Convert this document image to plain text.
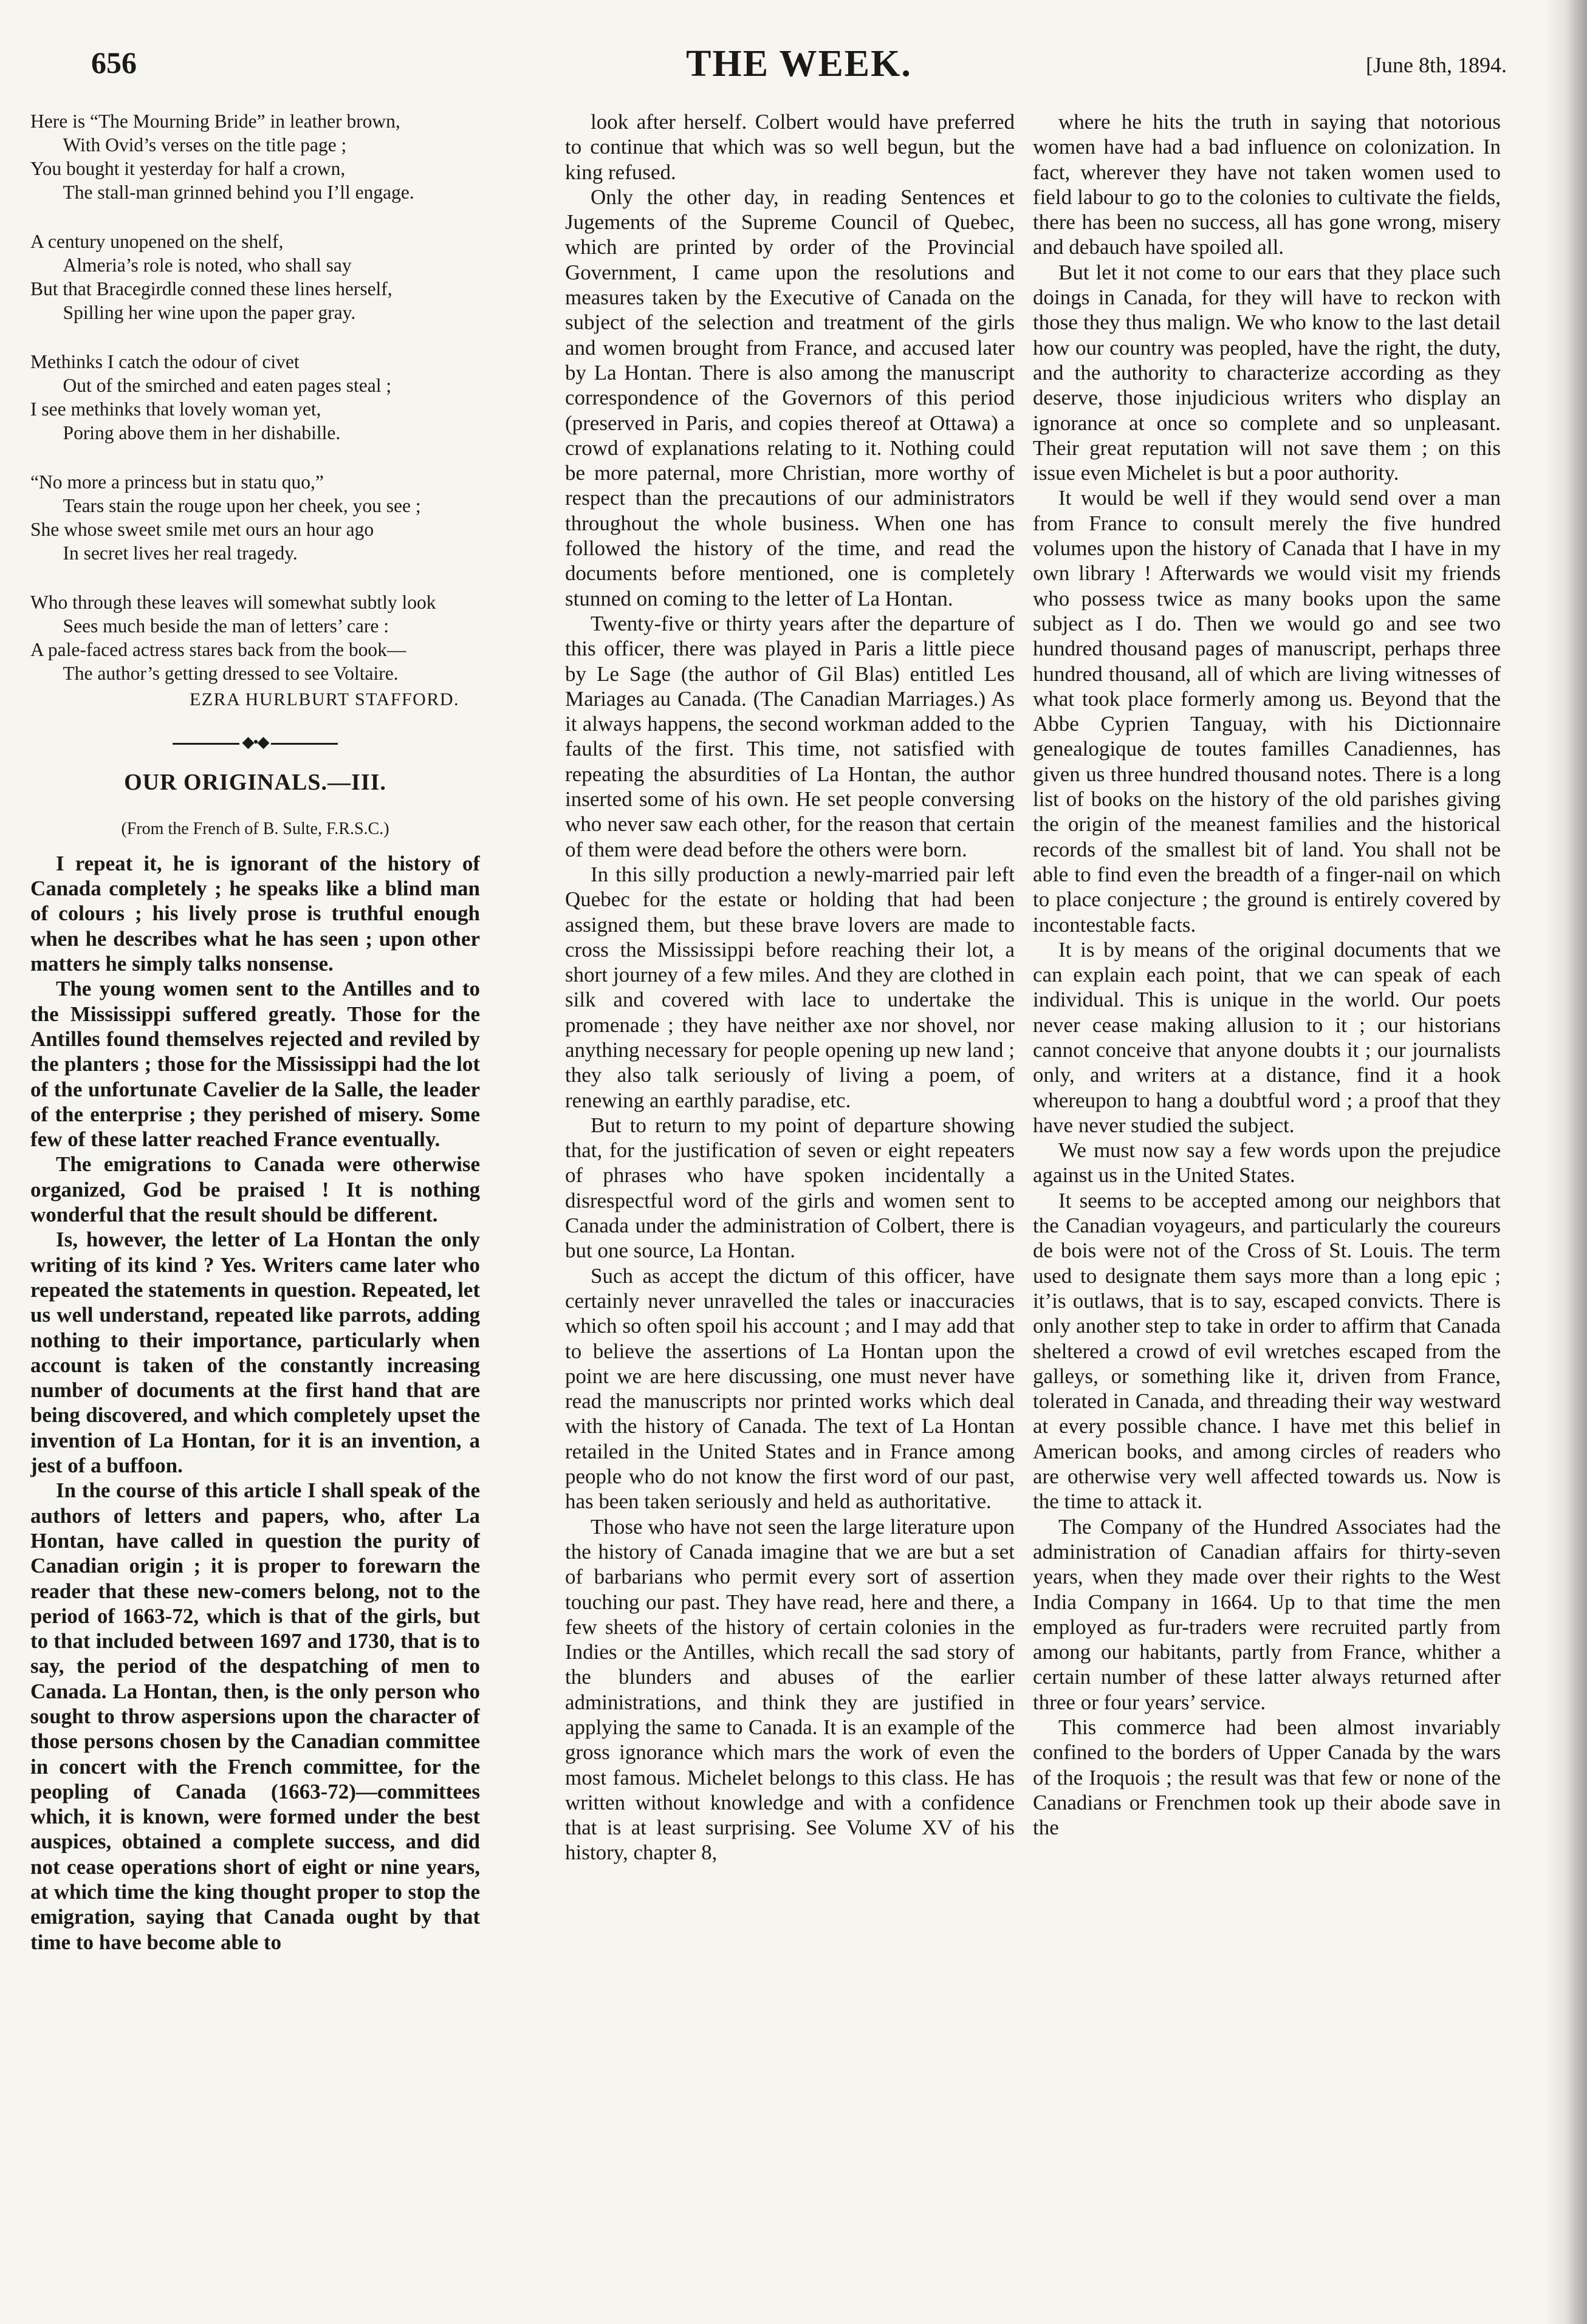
656	THE WEEK.	[June 8th, 1894.
Here is “The Mourning Bride” in leather brown,
With Ovid’s verses on the title page ;
You bought it yesterday for half a crown,
The stall-man grinned behind you I’ll engage.
A century unopened on the shelf,
Almeria’s role is noted, who shall say
But that Bracegirdle conned these lines herself,
Spilling her wine upon the paper gray.
Methinks I catch the odour of civet
Out of the smirched and eaten pages steal ;
I see methinks that lovely woman yet,
Poring above them in her dishabille.
“No more a princess but in statu quo,”
Tears stain the rouge upon her cheek, you see ;
She whose sweet smile met ours an hour ago
In secret lives her real tragedy.
Who through these leaves will somewhat subtly look
Sees much beside the man of letters’ care :
A pale-faced actress stares back from the book—
The author’s getting dressed to see Voltaire.
EZRA HURLBURT STAFFORD.
◆•◆
OUR ORIGINALS.—III.
(From the French of B. Sulte, F.R.S.C.)

I repeat it, he is ignorant of the history of Canada completely ; he speaks like a blind man of colours ; his lively prose is truthful enough when he describes what he has seen ; upon other matters he simply talks nonsense.

The young women sent to the Antilles and to the Mississippi suffered greatly. Those for the Antilles found themselves rejected and reviled by the planters ; those for the Mississippi had the lot of the unfortunate Cavelier de la Salle, the leader of the enterprise ; they perished of misery. Some few of these latter reached France eventually.

The emigrations to Canada were otherwise organized, God be praised ! It is nothing wonderful that the result should be different.

Is, however, the letter of La Hontan the only writing of its kind ? Yes. Writers came later who repeated the statements in question. Repeated, let us well understand, repeated like parrots, adding nothing to their importance, particularly when account is taken of the constantly increasing number of documents at the first hand that are being discovered, and which completely upset the invention of La Hontan, for it is an invention, a jest of a buffoon.

In the course of this article I shall speak of the authors of letters and papers, who, after La Hontan, have called in question the purity of Canadian origin ; it is proper to forewarn the reader that these new-comers belong, not to the period of 1663-72, which is that of the girls, but to that included between 1697 and 1730, that is to say, the period of the despatching of men to Canada. La Hontan, then, is the only person who sought to throw aspersions upon the character of those persons chosen by the Canadian committee in concert with the French committee, for the peopling of Canada (1663-72)—committees which, it is known, were formed under the best auspices, obtained a complete success, and did not cease operations short of eight or nine years, at which time the king thought proper to stop the emigration, saying that Canada ought by that time to have become able to

look after herself. Colbert would have preferred to continue that which was so well begun, but the king refused.

Only the other day, in reading Sentences et Jugements of the Supreme Council of Quebec, which are printed by order of the Provincial Government, I came upon the resolutions and measures taken by the Executive of Canada on the subject of the selection and treatment of the girls and women brought from France, and accused later by La Hontan. There is also among the manuscript correspondence of the Governors of this period (preserved in Paris, and copies thereof at Ottawa) a crowd of explanations relating to it. Nothing could be more paternal, more Christian, more worthy of respect than the precautions of our administrators throughout the whole business. When one has followed the history of the time, and read the documents before mentioned, one is completely stunned on coming to the letter of La Hontan.

Twenty-five or thirty years after the departure of this officer, there was played in Paris a little piece by Le Sage (the author of Gil Blas) entitled Les Mariages au Canada. (The Canadian Marriages.) As it always happens, the second workman added to the faults of the first. This time, not satisfied with repeating the absurdities of La Hontan, the author inserted some of his own. He set people conversing who never saw each other, for the reason that certain of them were dead before the others were born.

In this silly production a newly-married pair left Quebec for the estate or holding that had been assigned them, but these brave lovers are made to cross the Mississippi before reaching their lot, a short journey of a few miles. And they are clothed in silk and covered with lace to undertake the promenade ; they have neither axe nor shovel, nor anything necessary for people opening up new land ; they also talk seriously of living a poem, of renewing an earthly paradise, etc.

But to return to my point of departure showing that, for the justification of seven or eight repeaters of phrases who have spoken incidentally a disrespectful word of the girls and women sent to Canada under the administration of Colbert, there is but one source, La Hontan.

Such as accept the dictum of this officer, have certainly never unravelled the tales or inaccuracies which so often spoil his account ; and I may add that to believe the assertions of La Hontan upon the point we are here discussing, one must never have read the manuscripts nor printed works which deal with the history of Canada. The text of La Hontan retailed in the United States and in France among people who do not know the first word of our past, has been taken seriously and held as authoritative.

Those who have not seen the large literature upon the history of Canada imagine that we are but a set of barbarians who permit every sort of assertion touching our past. They have read, here and there, a few sheets of the history of certain colonies in the Indies or the Antilles, which recall the sad story of the blunders and abuses of the earlier administrations, and think they are justified in applying the same to Canada. It is an example of the gross ignorance which mars the work of even the most famous. Michelet belongs to this class. He has written without knowledge and with a confidence that is at least surprising. See Volume XV of his history, chapter 8,

where he hits the truth in saying that notorious women have had a bad influence on colonization. In fact, wherever they have not taken women used to field labour to go to the colonies to cultivate the fields, there has been no success, all has gone wrong, misery and debauch have spoiled all.

But let it not come to our ears that they place such doings in Canada, for they will have to reckon with those they thus malign. We who know to the last detail how our country was peopled, have the right, the duty, and the authority to characterize according as they deserve, those injudicious writers who display an ignorance at once so complete and so unpleasant. Their great reputation will not save them ; on this issue even Michelet is but a poor authority.

It would be well if they would send over a man from France to consult merely the five hundred volumes upon the history of Canada that I have in my own library ! Afterwards we would visit my friends who possess twice as many books upon the same subject as I do. Then we would go and see two hundred thousand pages of manuscript, perhaps three hundred thousand, all of which are living witnesses of what took place formerly among us. Beyond that the Abbe Cyprien Tanguay, with his Dictionnaire genealogique de toutes familles Canadiennes, has given us three hundred thousand notes. There is a long list of books on the history of the old parishes giving the origin of the meanest families and the historical records of the smallest bit of land. You shall not be able to find even the breadth of a finger-nail on which to place conjecture ; the ground is entirely covered by incontestable facts.

It is by means of the original documents that we can explain each point, that we can speak of each individual. This is unique in the world. Our poets never cease making allusion to it ; our historians cannot conceive that anyone doubts it ; our journalists only, and writers at a distance, find it a hook whereupon to hang a doubtful word ; a proof that they have never studied the subject.

We must now say a few words upon the prejudice against us in the United States.

It seems to be accepted among our neighbors that the Canadian voyageurs, and particularly the coureurs de bois were not of the Cross of St. Louis. The term used to designate them says more than a long epic ; it’is outlaws, that is to say, escaped convicts. There is only another step to take in order to affirm that Canada sheltered a crowd of evil wretches escaped from the galleys, or something like it, driven from France, tolerated in Canada, and threading their way westward at every possible chance. I have met this belief in American books, and among circles of readers who are otherwise very well affected towards us. Now is the time to attack it.

The Company of the Hundred Associates had the administration of Canadian affairs for thirty-seven years, when they made over their rights to the West India Company in 1664. Up to that time the men employed as fur-traders were recruited partly from among our habitants, partly from France, whither a certain number of these latter always returned after three or four years’ service.

This commerce had been almost invariably confined to the borders of Upper Canada by the wars of the Iroquois ; the result was that few or none of the Canadians or Frenchmen took up their abode save in the
